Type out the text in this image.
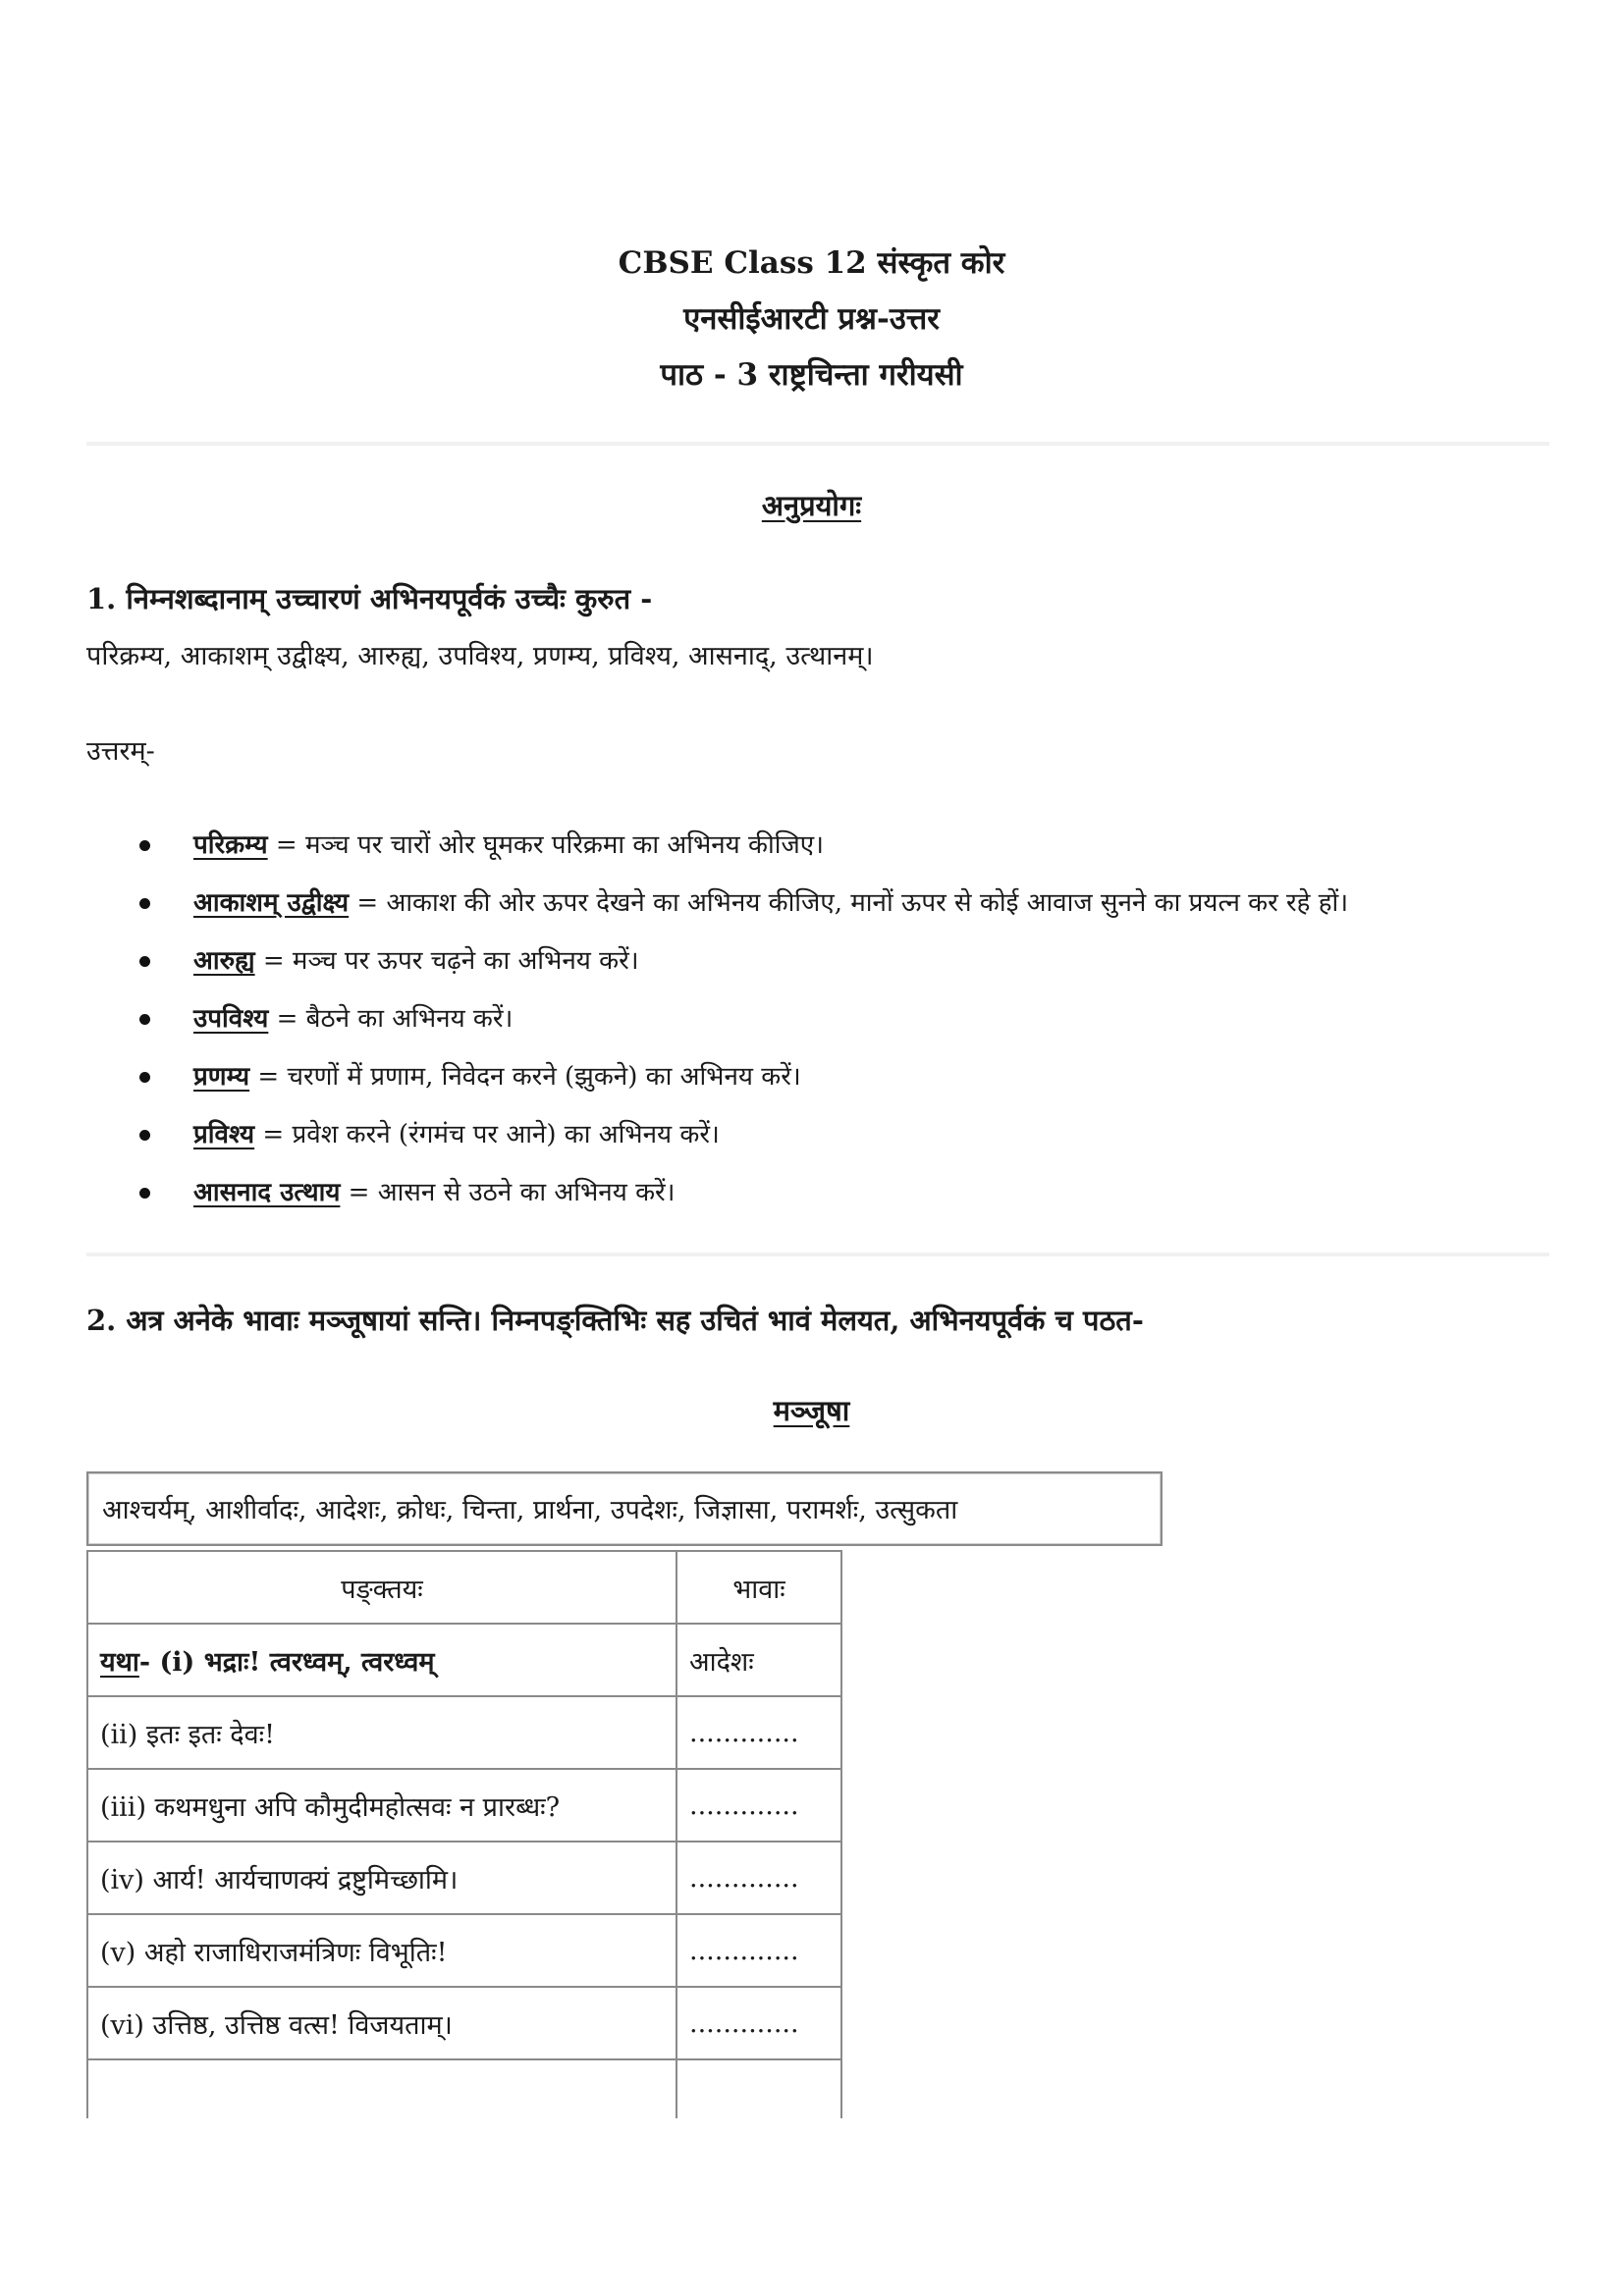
CBSE Class 12 संस्कृत कोर
एनसीईआरटी प्रश्न-उत्तर
पाठ - 3 राष्ट्रचिन्ता गरीयसी
अनुप्रयोगः
1. निम्नशब्दानाम् उच्चारणं अभिनयपूर्वकं उच्चैः कुरुत -
परिक्रम्य, आकाशम् उद्वीक्ष्य, आरुह्य, उपविश्य, प्रणम्य, प्रविश्य, आसनाद्, उत्थानम्।
उत्तरम्-
परिक्रम्य = मञ्च पर चारों ओर घूमकर परिक्रमा का अभिनय कीजिए।
आकाशम् उद्वीक्ष्य = आकाश की ओर ऊपर देखने का अभिनय कीजिए, मानों ऊपर से कोई आवाज सुनने का प्रयत्न कर रहे हों।
आरुह्य = मञ्च पर ऊपर चढ़ने का अभिनय करें।
उपविश्य = बैठने का अभिनय करें।
प्रणम्य = चरणों में प्रणाम, निवेदन करने (झुकने) का अभिनय करें।
प्रविश्य = प्रवेश करने (रंगमंच पर आने) का अभिनय करें।
आसनाद उत्थाय = आसन से उठने का अभिनय करें।
2. अत्र अनेके भावाः मञ्जूषायां सन्ति। निम्नपङ्क्तिभिः सह उचितं भावं मेलयत, अभिनयपूर्वकं च पठत-
मञ्जूषा
आश्चर्यम्, आशीर्वादः, आदेशः, क्रोधः, चिन्ता, प्रार्थना, उपदेशः, जिज्ञासा, परामर्शः, उत्सुकता
पङ्क्तयः	भावाः
यथा- (i) भद्राः! त्वरध्वम्, त्वरध्वम्	आदेशः
(ii) इतः इतः देवः!	.............
(iii) कथमधुना अपि कौमुदीमहोत्सवः न प्रारब्धः?	.............
(iv) आर्य! आर्यचाणक्यं द्रष्टुमिच्छामि।	.............
(v) अहो राजाधिराजमंत्रिणः विभूतिः!	.............
(vi) उत्तिष्ठ, उत्तिष्ठ वत्स! विजयताम्।	.............
